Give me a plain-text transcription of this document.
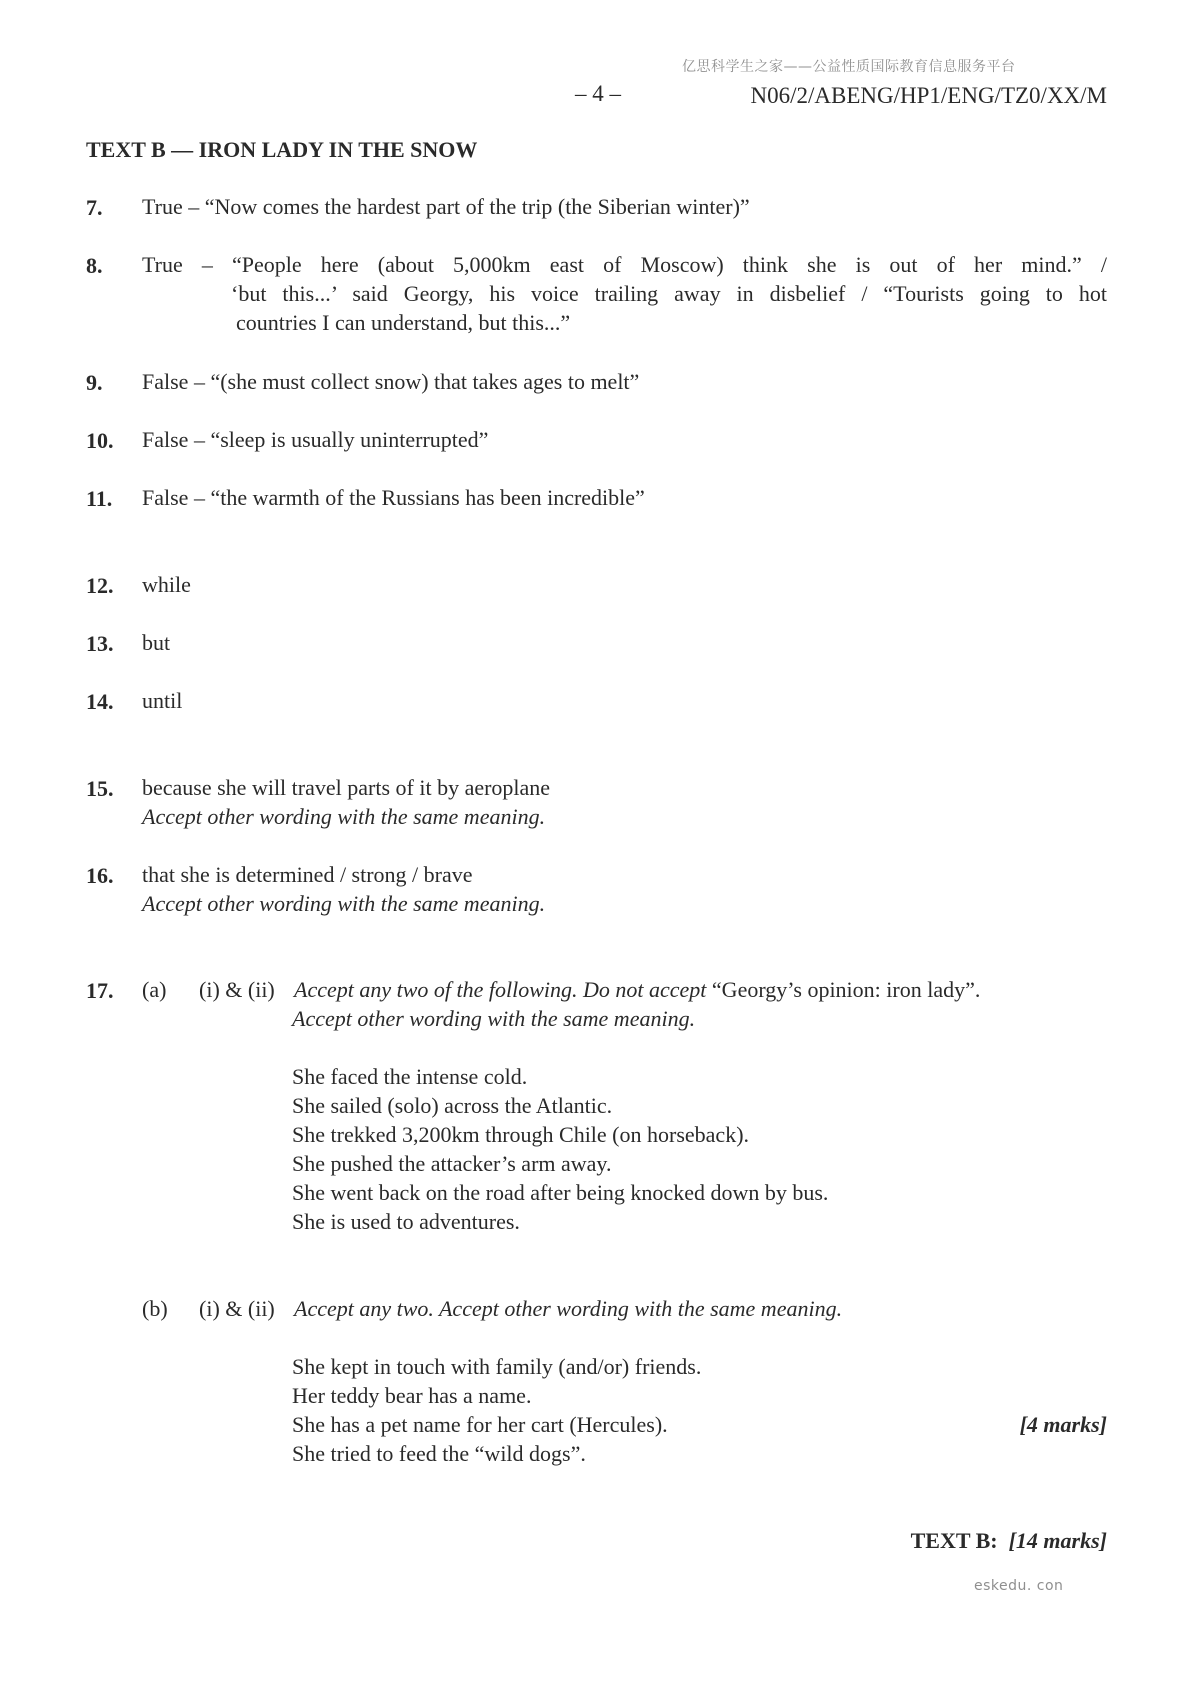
亿思科学生之家——公益性质国际教育信息服务平台
– 4 –	N06/2/ABENG/HP1/ENG/TZ0/XX/M
TEXT B — IRON LADY IN THE SNOW
7. True – “Now comes the hardest part of the trip (the Siberian winter)”
8. True – “People here (about 5,000km east of Moscow) think she is out of her mind.” /
‘but this...’ said Georgy, his voice trailing away in disbelief / “Tourists going to hot
countries I can understand, but this...”
9. False – “(she must collect snow) that takes ages to melt”
10. False – “sleep is usually uninterrupted”
11. False – “the warmth of the Russians has been incredible”
12. while
13. but
14. until
15. because she will travel parts of it by aeroplane
Accept other wording with the same meaning.
16. that she is determined / strong / brave
Accept other wording with the same meaning.
17. (a) (i) & (ii) Accept any two of the following. Do not accept “Georgy’s opinion: iron lady”.
Accept other wording with the same meaning.
She faced the intense cold.
She sailed (solo) across the Atlantic.
She trekked 3,200km through Chile (on horseback).
She pushed the attacker’s arm away.
She went back on the road after being knocked down by bus.
She is used to adventures.
(b) (i) & (ii) Accept any two. Accept other wording with the same meaning.
She kept in touch with family (and/or) friends.
Her teddy bear has a name.
She has a pet name for her cart (Hercules).
She tried to feed the “wild dogs”.
[4 marks]
TEXT B: [14 marks]
eskedu. con
